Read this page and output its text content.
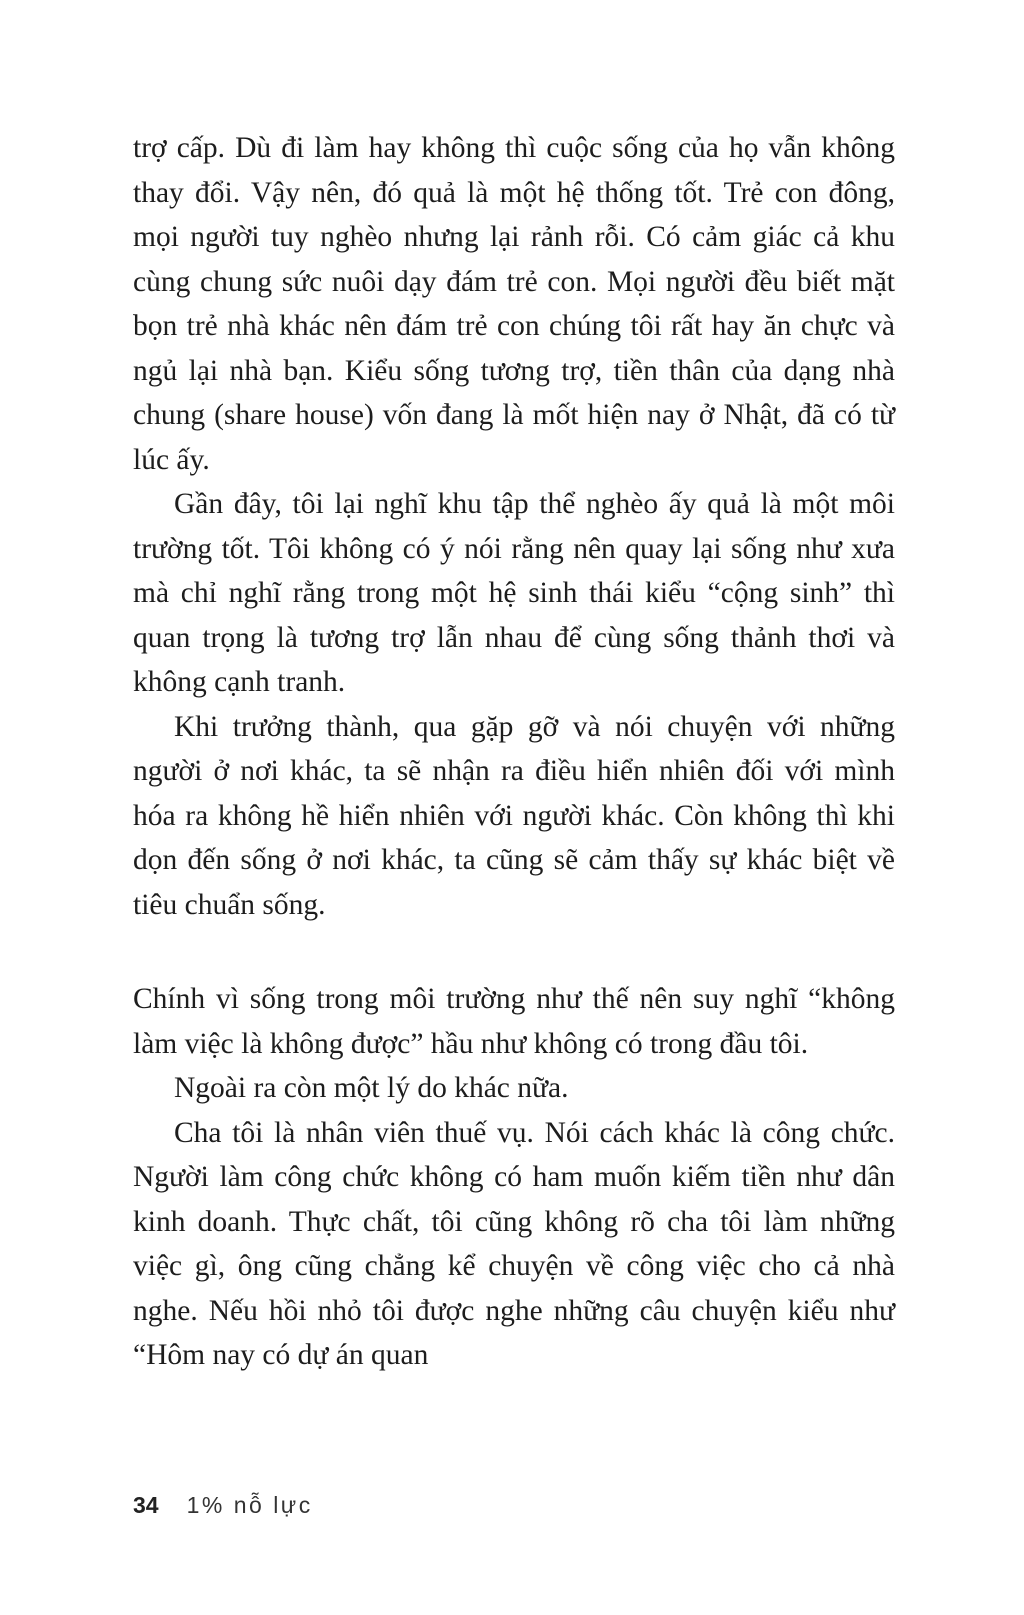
trợ cấp. Dù đi làm hay không thì cuộc sống của họ vẫn không thay đổi. Vậy nên, đó quả là một hệ thống tốt. Trẻ con đông, mọi người tuy nghèo nhưng lại rảnh rỗi. Có cảm giác cả khu cùng chung sức nuôi dạy đám trẻ con. Mọi người đều biết mặt bọn trẻ nhà khác nên đám trẻ con chúng tôi rất hay ăn chực và ngủ lại nhà bạn. Kiểu sống tương trợ, tiền thân của dạng nhà chung (share house) vốn đang là mốt hiện nay ở Nhật, đã có từ lúc ấy.

Gần đây, tôi lại nghĩ khu tập thể nghèo ấy quả là một môi trường tốt. Tôi không có ý nói rằng nên quay lại sống như xưa mà chỉ nghĩ rằng trong một hệ sinh thái kiểu “cộng sinh” thì quan trọng là tương trợ lẫn nhau để cùng sống thảnh thơi và không cạnh tranh.

Khi trưởng thành, qua gặp gỡ và nói chuyện với những người ở nơi khác, ta sẽ nhận ra điều hiển nhiên đối với mình hóa ra không hề hiển nhiên với người khác. Còn không thì khi dọn đến sống ở nơi khác, ta cũng sẽ cảm thấy sự khác biệt về tiêu chuẩn sống.

Chính vì sống trong môi trường như thế nên suy nghĩ “không làm việc là không được” hầu như không có trong đầu tôi.

Ngoài ra còn một lý do khác nữa.

Cha tôi là nhân viên thuế vụ. Nói cách khác là công chức. Người làm công chức không có ham muốn kiếm tiền như dân kinh doanh. Thực chất, tôi cũng không rõ cha tôi làm những việc gì, ông cũng chẳng kể chuyện về công việc cho cả nhà nghe. Nếu hồi nhỏ tôi được nghe những câu chuyện kiểu như “Hôm nay có dự án quan

34 1% nỗ lực
